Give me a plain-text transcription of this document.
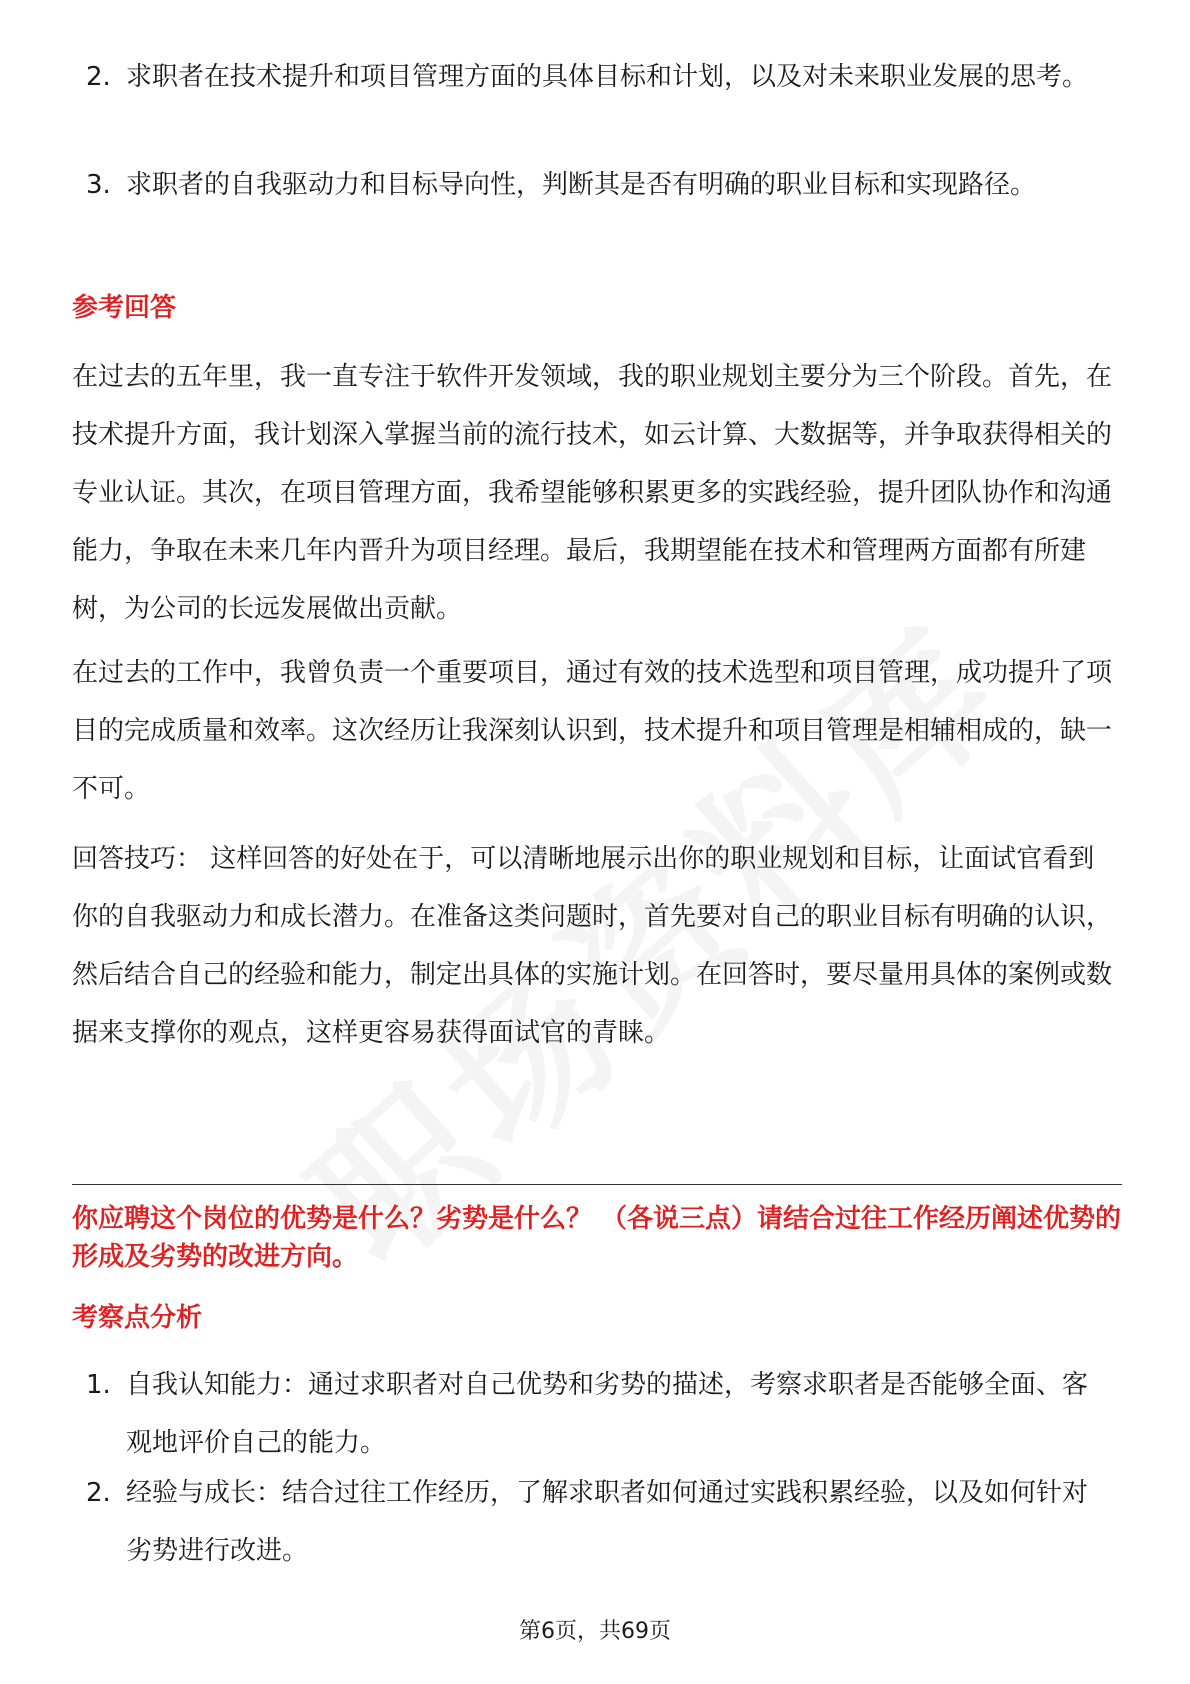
2. 求职者在技术提升和项目管理方面的具体目标和计划，以及对未来职业发展的思考。
3. 求职者的自我驱动力和目标导向性，判断其是否有明确的职业目标和实现路径。
参考回答
在过去的五年里，我一直专注于软件开发领域，我的职业规划主要分为三个阶段。首先，在技术提升方面，我计划深入掌握当前的流行技术，如云计算、大数据等，并争取获得相关的专业认证。其次，在项目管理方面，我希望能够积累更多的实践经验，提升团队协作和沟通能力，争取在未来几年内晋升为项目经理。最后，我期望能在技术和管理两方面都有所建树，为公司的长远发展做出贡献。
在过去的工作中，我曾负责一个重要项目，通过有效的技术选型和项目管理，成功提升了项目的完成质量和效率。这次经历让我深刻认识到，技术提升和项目管理是相辅相成的，缺一不可。
回答技巧： 这样回答的好处在于，可以清晰地展示出你的职业规划和目标，让面试官看到你的自我驱动力和成长潜力。在准备这类问题时，首先要对自己的职业目标有明确的认识，然后结合自己的经验和能力，制定出具体的实施计划。在回答时，要尽量用具体的案例或数据来支撑你的观点，这样更容易获得面试官的青睐。
你应聘这个岗位的优势是什么？劣势是什么？ （各说三点）请结合过往工作经历阐述优势的形成及劣势的改进方向。
考察点分析
1. 自我认知能力：通过求职者对自己优势和劣势的描述，考察求职者是否能够全面、客观地评价自己的能力。
2. 经验与成长：结合过往工作经历，了解求职者如何通过实践积累经验，以及如何针对劣势进行改进。
第6页，共69页
